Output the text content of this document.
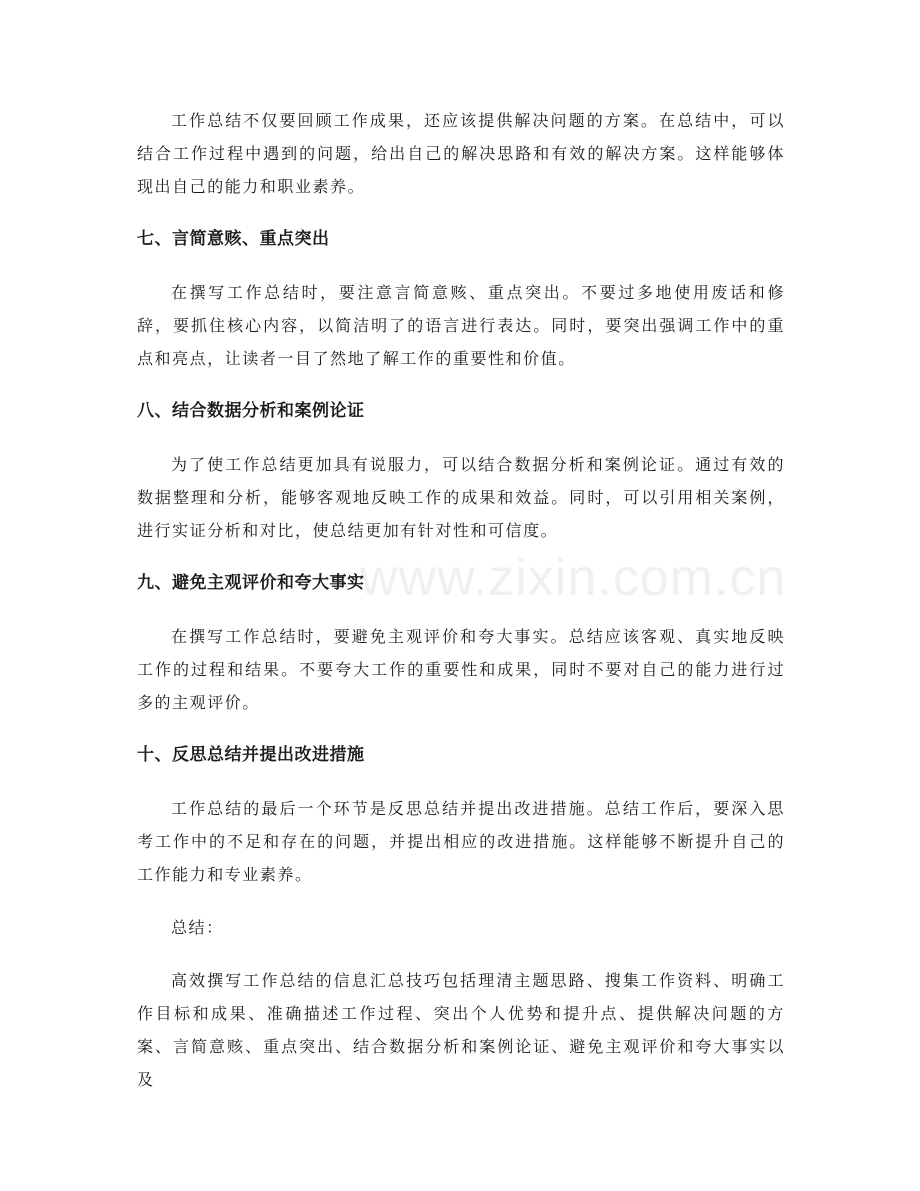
www.zixin.com.cn

工作总结不仅要回顾工作成果，还应该提供解决问题的方案。在总结中，可以结合工作过程中遇到的问题，给出自己的解决思路和有效的解决方案。这样能够体现出自己的能力和职业素养。

七、言简意赅、重点突出

在撰写工作总结时，要注意言简意赅、重点突出。不要过多地使用废话和修辞，要抓住核心内容，以简洁明了的语言进行表达。同时，要突出强调工作中的重点和亮点，让读者一目了然地了解工作的重要性和价值。

八、结合数据分析和案例论证

为了使工作总结更加具有说服力，可以结合数据分析和案例论证。通过有效的数据整理和分析，能够客观地反映工作的成果和效益。同时，可以引用相关案例，进行实证分析和对比，使总结更加有针对性和可信度。

九、避免主观评价和夸大事实

在撰写工作总结时，要避免主观评价和夸大事实。总结应该客观、真实地反映工作的过程和结果。不要夸大工作的重要性和成果，同时不要对自己的能力进行过多的主观评价。

十、反思总结并提出改进措施

工作总结的最后一个环节是反思总结并提出改进措施。总结工作后，要深入思考工作中的不足和存在的问题，并提出相应的改进措施。这样能够不断提升自己的工作能力和专业素养。

总结：

高效撰写工作总结的信息汇总技巧包括理清主题思路、搜集工作资料、明确工作目标和成果、准确描述工作过程、突出个人优势和提升点、提供解决问题的方案、言简意赅、重点突出、结合数据分析和案例论证、避免主观评价和夸大事实以及
